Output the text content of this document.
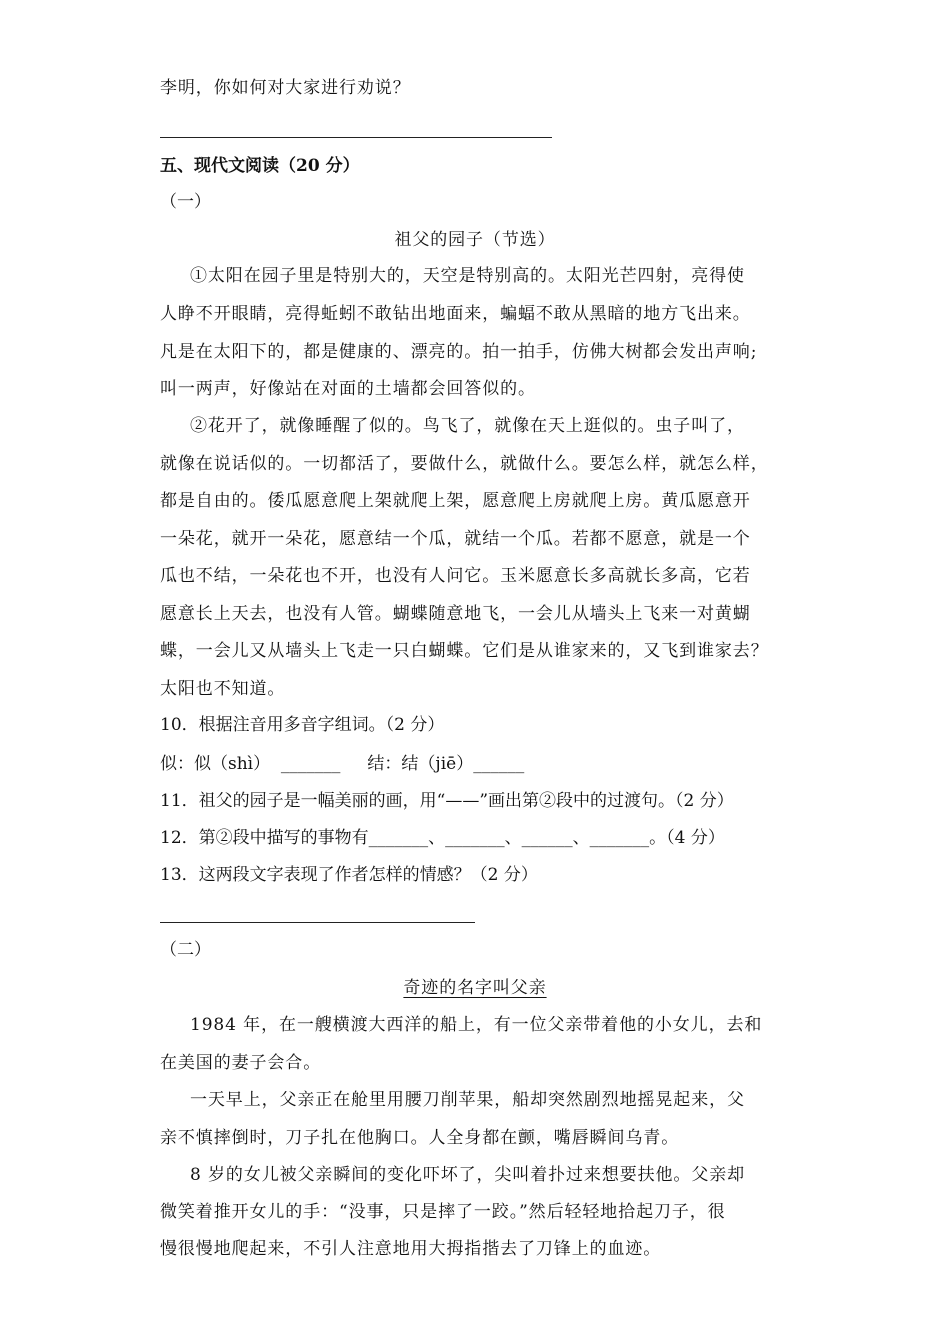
李明，你如何对大家进行劝说？

五、现代文阅读（20 分）

（一）

祖父的园子（节选）

①太阳在园子里是特别大的，天空是特别高的。太阳光芒四射，亮得使

人睁不开眼睛，亮得蚯蚓不敢钻出地面来，蝙蝠不敢从黑暗的地方飞出来。

凡是在太阳下的，都是健康的、漂亮的。拍一拍手，仿佛大树都会发出声响;

叫一两声，好像站在对面的土墙都会回答似的。

②花开了，就像睡醒了似的。鸟飞了，就像在天上逛似的。虫子叫了，

就像在说话似的。一切都活了，要做什么，就做什么。要怎么样，就怎么样，

都是自由的。倭瓜愿意爬上架就爬上架，愿意爬上房就爬上房。黄瓜愿意开

一朵花，就开一朵花，愿意结一个瓜，就结一个瓜。若都不愿意，就是一个

瓜也不结，一朵花也不开，也没有人问它。玉米愿意长多高就长多高，它若

愿意长上天去，也没有人管。蝴蝶随意地飞，一会儿从墙头上飞来一对黄蝴

蝶，一会儿又从墙头上飞走一只白蝴蝶。它们是从谁家来的，又飞到谁家去？

太阳也不知道。

10．根据注音用多音字组词。（2 分）

似：似（shì）  _______     结：结（jiē）______

11．祖父的园子是一幅美丽的画，用“——”画出第②段中的过渡句。（2 分）

12．第②段中描写的事物有_______、_______、______、_______。（4 分）

13．这两段文字表现了作者怎样的情感？（2 分）

（二）

奇迹的名字叫父亲

1984 年，在一艘横渡大西洋的船上，有一位父亲带着他的小女儿，去和

在美国的妻子会合。

一天早上，父亲正在舱里用腰刀削苹果，船却突然剧烈地摇晃起来，父

亲不慎摔倒时，刀子扎在他胸口。人全身都在颤，嘴唇瞬间乌青。

8 岁的女儿被父亲瞬间的变化吓坏了，尖叫着扑过来想要扶他。父亲却

微笑着推开女儿的手：“没事，只是摔了一跤。”然后轻轻地拾起刀子，很

慢很慢地爬起来，不引人注意地用大拇指揩去了刀锋上的血迹。
